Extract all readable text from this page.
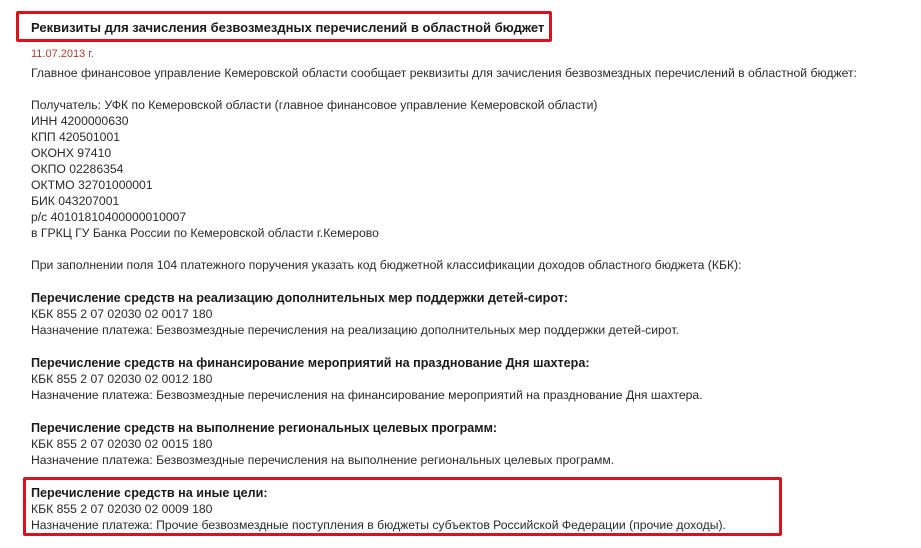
Реквизиты для зачисления безвозмездных перечислений в областной бюджет
11.07.2013 г.
Главное финансовое управление Кемеровской области сообщает реквизиты для зачисления безвозмездных перечислений в областной бюджет:
Получатель: УФК по Кемеровской области (главное финансовое управление Кемеровской области)
ИНН 4200000630
КПП 420501001
ОКОНХ 97410
ОКПО 02286354
ОКТМО 32701000001
БИК 043207001
р/с 40101810400000010007
в ГРКЦ ГУ Банка России по Кемеровской области г.Кемерово
При заполнении поля 104 платежного поручения указать код бюджетной классификации доходов областного бюджета (КБК):
Перечисление средств на реализацию дополнительных мер поддержки детей-сирот:
КБК 855 2 07 02030 02 0017 180
Назначение платежа: Безвозмездные перечисления на реализацию дополнительных мер поддержки детей-сирот.
Перечисление средств на финансирование мероприятий на празднование Дня шахтера:
КБК 855 2 07 02030 02 0012 180
Назначение платежа: Безвозмездные перечисления на финансирование мероприятий на празднование Дня шахтера.
Перечисление средств на выполнение региональных целевых программ:
КБК 855 2 07 02030 02 0015 180
Назначение платежа: Безвозмездные перечисления на выполнение региональных целевых программ.
Перечисление средств на иные цели:
КБК 855 2 07 02030 02 0009 180
Назначение платежа: Прочие безвозмездные поступления в бюджеты субъектов Российской Федерации (прочие доходы).
